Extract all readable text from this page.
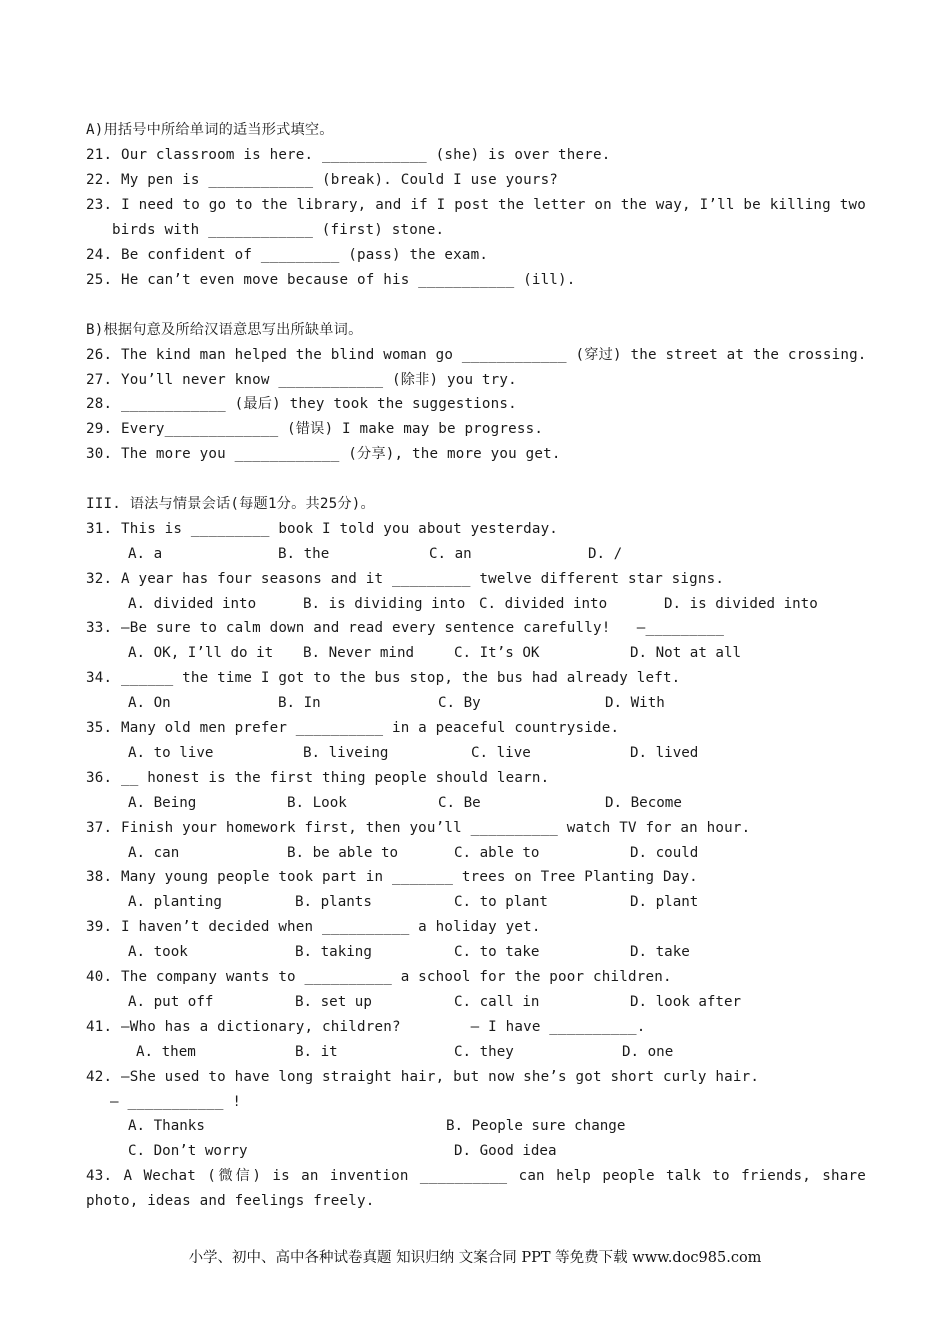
A)用括号中所给单词的适当形式填空。
21. Our classroom is here. ____________ (she) is over there.
22. My pen is ____________ (break). Could I use yours?
23. I need to go to the library, and if I post the letter on the way, I’ll be killing two
birds with ____________ (first) stone.
24. Be confident of _________ (pass) the exam.
25. He can’t even move because of his ___________ (ill).
B)根据句意及所给汉语意思写出所缺单词。
26. The kind man helped the blind woman go ____________ (穿过) the street at the crossing.
27. You’ll never know ____________ (除非) you try.
28. ____________ (最后) they took the suggestions.
29. Every_____________ (错误) I make may be progress.
30. The more you ____________ (分享), the more you get.
III. 语法与情景会话(每题1分。共25分)。
31. This is _________ book I told you about yesterday.
A. a	B. the	C. an	D. /
32. A year has four seasons and it _________ twelve different star signs.
A. divided into	B. is dividing into C. divided into	D. is divided into
33. —Be sure to calm down and read every sentence carefully!   —_________
A. OK, I’ll do it B. Never mind	C. It’s OK	D. Not at all
34. ______ the time I got to the bus stop, the bus had already left.
A. On	B. In	C. By	D. With
35. Many old men prefer __________ in a peaceful countryside.
A. to live	B. liveing	C. live	D. lived
36. __ honest is the first thing people should learn.
A. Being	B. Look	C. Be	D. Become
37. Finish your homework first, then you’ll __________ watch TV for an hour.
A. can	B. be able to	C. able to	D. could
38. Many young people took part in _______ trees on Tree Planting Day.
A. planting	B. plants	C. to plant	D. plant
39. I haven’t decided when __________ a holiday yet.
A. took	B. taking	C. to take	D. take
40. The company wants to __________ a school for the poor children.
A. put off	B. set up	C. call in	D. look after
41. —Who has a dictionary, children?        — I have __________.
A. them	B. it	C. they	D. one
42. —She used to have long straight hair, but now she’s got short curly hair.
— ___________ !
A. Thanks	B. People sure change
C. Don’t worry	D. Good idea
43. A Wechat (微信) is an invention __________ can help people talk to friends, share
photo, ideas and feelings freely.
小学、初中、高中各种试卷真题 知识归纳 文案合同 PPT 等免费下载 www.doc985.com
